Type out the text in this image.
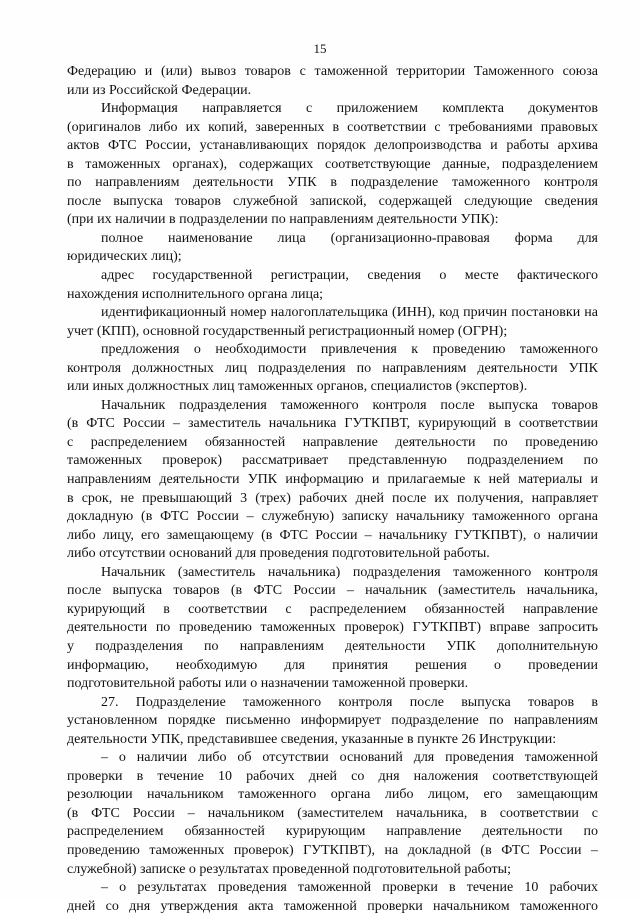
15
Федерацию и (или) вывоз товаров с таможенной территории Таможенного союза
или из Российской Федерации.
Информация направляется с приложением комплекта документов
(оригиналов либо их копий, заверенных в соответствии с требованиями правовых
актов ФТС России, устанавливающих порядок делопроизводства и работы архива
в таможенных органах), содержащих соответствующие данные, подразделением
по направлениям деятельности УПК в подразделение таможенного контроля
после выпуска товаров служебной запиской, содержащей следующие сведения
(при их наличии в подразделении по направлениям деятельности УПК):
полное наименование лица (организационно-правовая форма для
юридических лиц);
адрес государственной регистрации, сведения о месте фактического
нахождения исполнительного органа лица;
идентификационный номер налогоплательщика (ИНН), код причин постановки на
учет (КПП), основной государственный регистрационный номер (ОГРН);
предложения о необходимости привлечения к проведению таможенного
контроля должностных лиц подразделения по направлениям деятельности УПК
или иных должностных лиц таможенных органов, специалистов (экспертов).
Начальник подразделения таможенного контроля после выпуска товаров
(в ФТС России – заместитель начальника ГУТКПВТ, курирующий в соответствии
с распределением обязанностей направление деятельности по проведению
таможенных проверок) рассматривает представленную подразделением по
направлениям деятельности УПК информацию и прилагаемые к ней материалы и
в срок, не превышающий 3 (трех) рабочих дней после их получения, направляет
докладную (в ФТС России – служебную) записку начальнику таможенного органа
либо лицу, его замещающему (в ФТС России – начальнику ГУТКПВТ), о наличии
либо отсутствии оснований для проведения подготовительной работы.
Начальник (заместитель начальника) подразделения таможенного контроля
после выпуска товаров (в ФТС России – начальник (заместитель начальника,
курирующий в соответствии с распределением обязанностей направление
деятельности по проведению таможенных проверок) ГУТКПВТ) вправе запросить
у подразделения по направлениям деятельности УПК дополнительную
информацию, необходимую для принятия решения о проведении
подготовительной работы или о назначении таможенной проверки.
27. Подразделение таможенного контроля после выпуска товаров в
установленном порядке письменно информирует подразделение по направлениям
деятельности УПК, представившее сведения, указанные в пункте 26 Инструкции:
– о наличии либо об отсутствии оснований для проведения таможенной
проверки в течение 10 рабочих дней со дня наложения соответствующей
резолюции начальником таможенного органа либо лицом, его замещающим
(в ФТС России – начальником (заместителем начальника, в соответствии с
распределением обязанностей курирующим направление деятельности по
проведению таможенных проверок) ГУТКПВТ), на докладной (в ФТС России –
служебной) записке о результатах проведенной подготовительной работы;
– о результатах проведения таможенной проверки в течение 10 рабочих
дней со дня утверждения акта таможенной проверки начальником таможенного
